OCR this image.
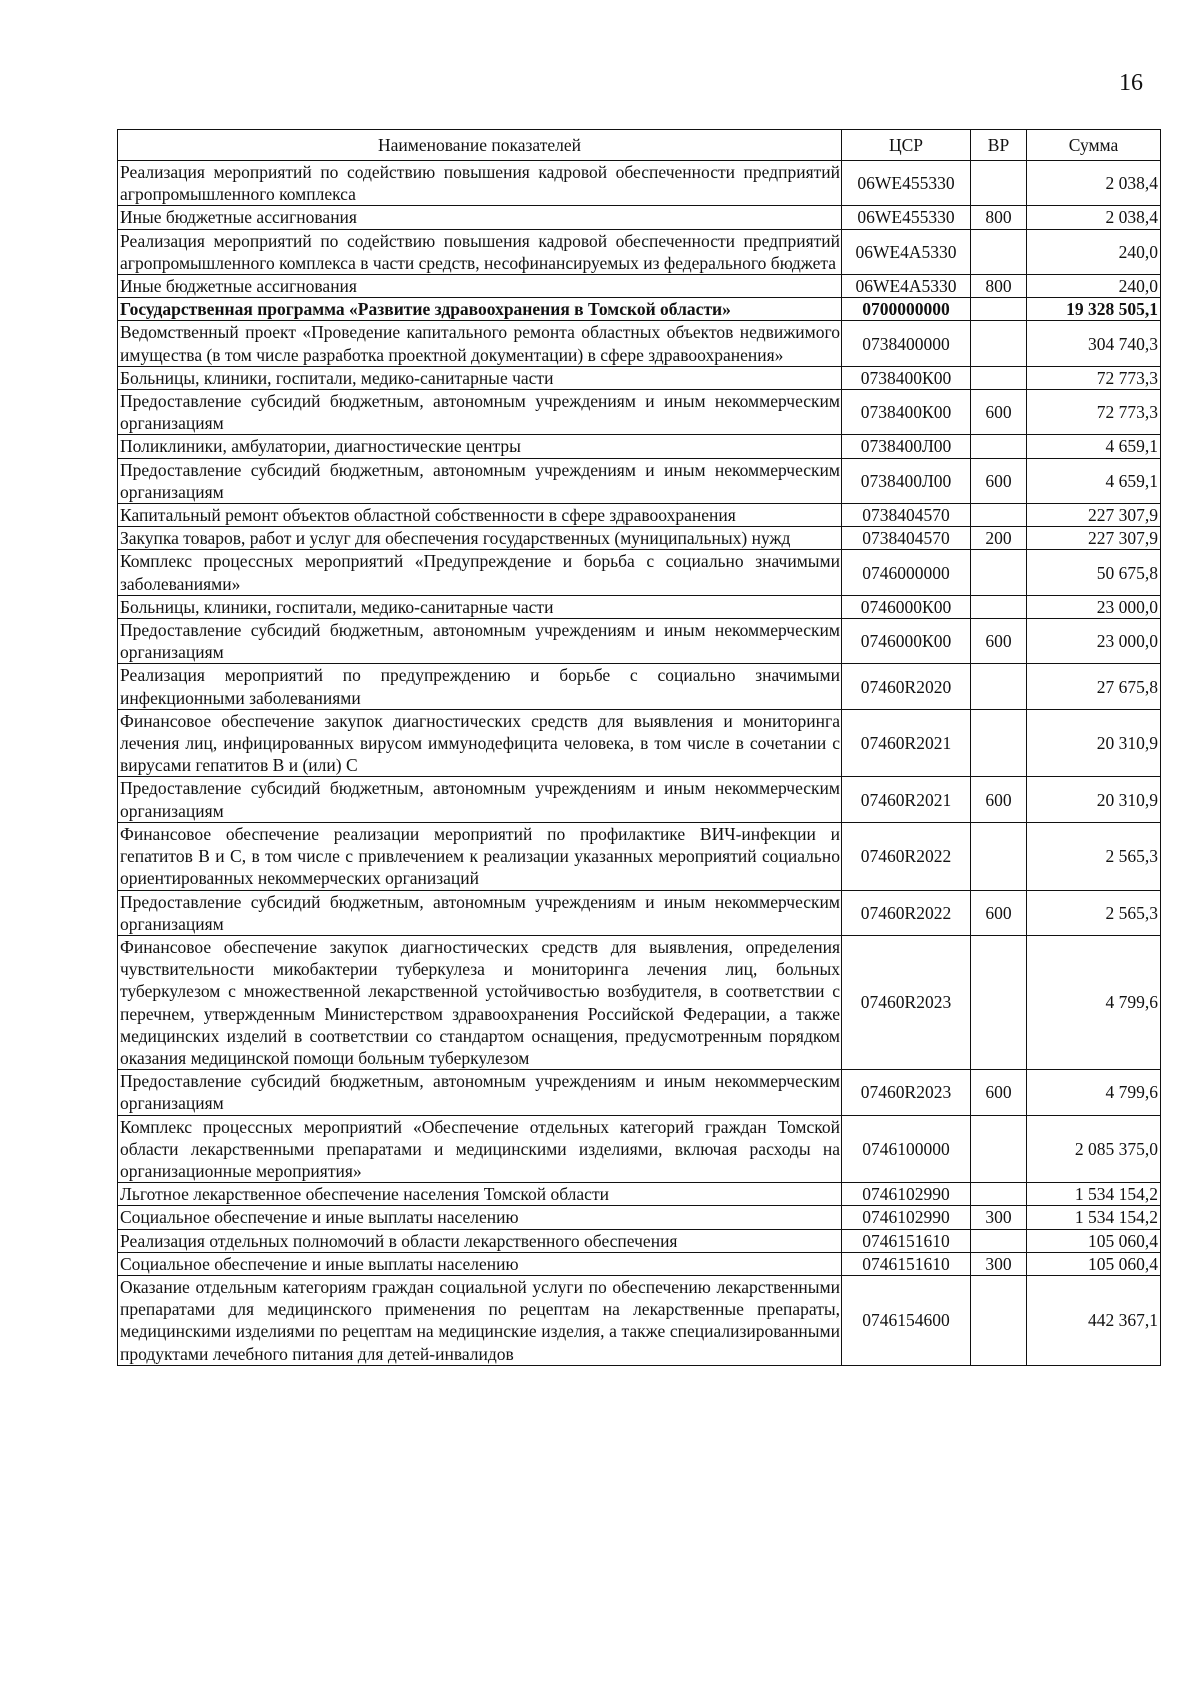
16
Наименование показателей	ЦСР	ВР	Сумма
Реализация мероприятий по содействию повышения кадровой обеспеченности предприятий агропромышленного комплекса	06WE455330		2 038,4
Иные бюджетные ассигнования	06WE455330	800	2 038,4
Реализация мероприятий по содействию повышения кадровой обеспеченности предприятий агропромышленного комплекса в части средств, несофинансируемых из федерального бюджета	06WE4A5330		240,0
Иные бюджетные ассигнования	06WE4A5330	800	240,0
Государственная программа «Развитие здравоохранения в Томской области»	0700000000		19 328 505,1
Ведомственный проект «Проведение капитального ремонта областных объектов недвижимого имущества (в том числе разработка проектной документации) в сфере здравоохранения»	0738400000		304 740,3
Больницы, клиники, госпитали, медико-санитарные части	0738400К00		72 773,3
Предоставление субсидий бюджетным, автономным учреждениям и иным некоммерческим организациям	0738400К00	600	72 773,3
Поликлиники, амбулатории, диагностические центры	0738400Л00		4 659,1
Предоставление субсидий бюджетным, автономным учреждениям и иным некоммерческим организациям	0738400Л00	600	4 659,1
Капитальный ремонт объектов областной собственности в сфере здравоохранения	0738404570		227 307,9
Закупка товаров, работ и услуг для обеспечения государственных (муниципальных) нужд	0738404570	200	227 307,9
Комплекс процессных мероприятий «Предупреждение и борьба с социально значимыми заболеваниями»	0746000000		50 675,8
Больницы, клиники, госпитали, медико-санитарные части	0746000К00		23 000,0
Предоставление субсидий бюджетным, автономным учреждениям и иным некоммерческим организациям	0746000К00	600	23 000,0
Реализация мероприятий по предупреждению и борьбе с социально значимыми инфекционными заболеваниями	07460R2020		27 675,8
Финансовое обеспечение закупок диагностических средств для выявления и мониторинга лечения лиц, инфицированных вирусом иммунодефицита человека, в том числе в сочетании с вирусами гепатитов B и (или) C	07460R2021		20 310,9
Предоставление субсидий бюджетным, автономным учреждениям и иным некоммерческим организациям	07460R2021	600	20 310,9
Финансовое обеспечение реализации мероприятий по профилактике ВИЧ-инфекции и гепатитов B и C, в том числе с привлечением к реализации указанных мероприятий социально ориентированных некоммерческих организаций	07460R2022		2 565,3
Предоставление субсидий бюджетным, автономным учреждениям и иным некоммерческим организациям	07460R2022	600	2 565,3
Финансовое обеспечение закупок диагностических средств для выявления, определения чувствительности микобактерии туберкулеза и мониторинга лечения лиц, больных туберкулезом с множественной лекарственной устойчивостью возбудителя, в соответствии с перечнем, утвержденным Министерством здравоохранения Российской Федерации, а также медицинских изделий в соответствии со стандартом оснащения, предусмотренным порядком оказания медицинской помощи больным туберкулезом	07460R2023		4 799,6
Предоставление субсидий бюджетным, автономным учреждениям и иным некоммерческим организациям	07460R2023	600	4 799,6
Комплекс процессных мероприятий «Обеспечение отдельных категорий граждан Томской области лекарственными препаратами и медицинскими изделиями, включая расходы на организационные мероприятия»	0746100000		2 085 375,0
Льготное лекарственное обеспечение населения Томской области	0746102990		1 534 154,2
Социальное обеспечение и иные выплаты населению	0746102990	300	1 534 154,2
Реализация отдельных полномочий в области лекарственного обеспечения	0746151610		105 060,4
Социальное обеспечение и иные выплаты населению	0746151610	300	105 060,4
Оказание отдельным категориям граждан социальной услуги по обеспечению лекарственными препаратами для медицинского применения по рецептам на лекарственные препараты, медицинскими изделиями по рецептам на медицинские изделия, а также специализированными продуктами лечебного питания для детей-инвалидов	0746154600		442 367,1
